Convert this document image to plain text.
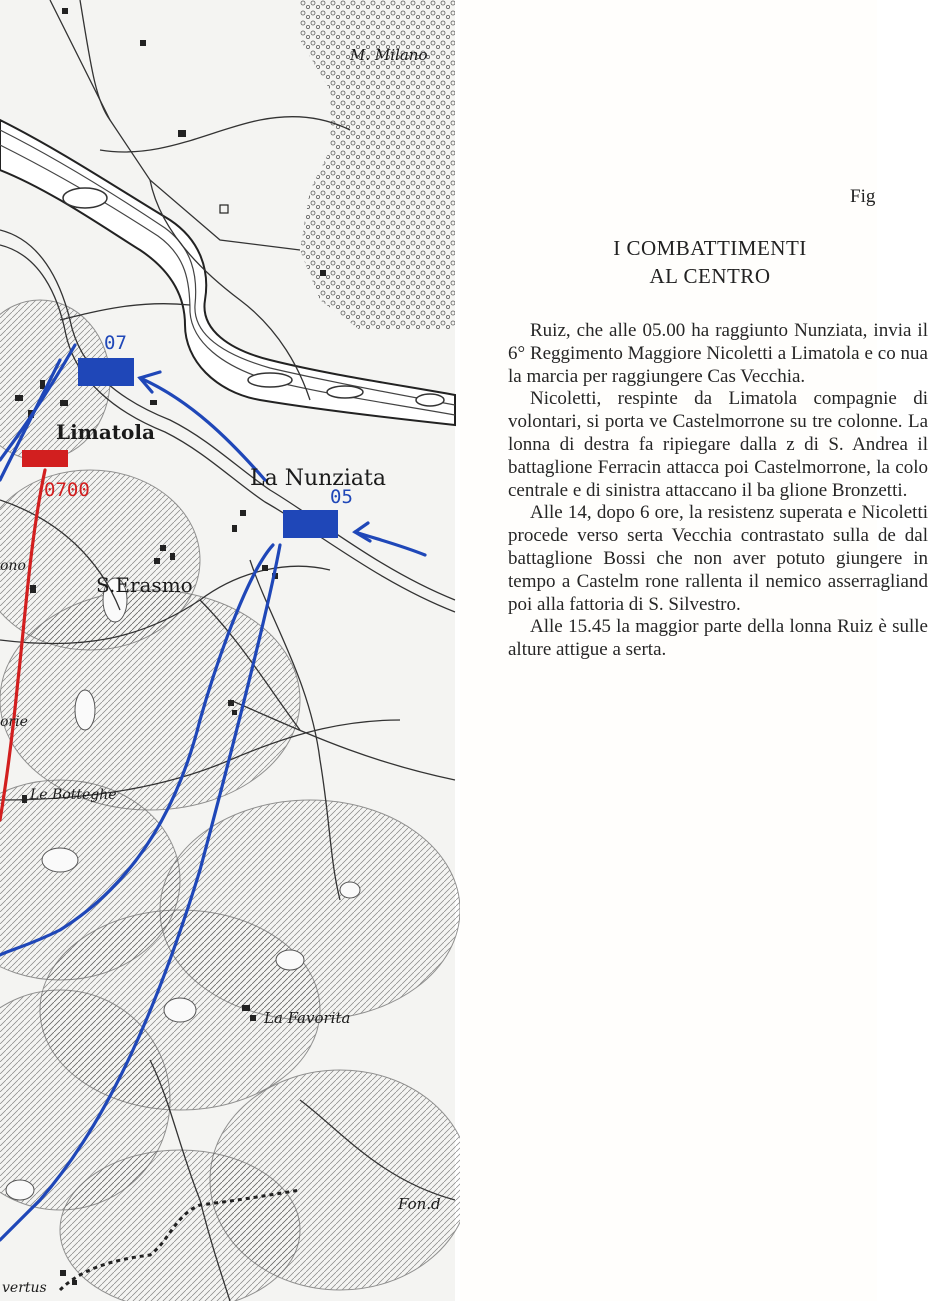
M. Milano
Limatola
La Nunziata
S.Erasmo
Le Botteghe
La Favorita
Fon.d
ono
orie
vertus
07
05
0700
Fig
I COMBATTIMENTI
AL CENTRO

Ruiz, che alle 05.00 ha raggiunto Nunziata, invia il 6° Reggimento Maggiore Nicoletti a Limatola e co nua la marcia per raggiungere Cas Vecchia.

Nicoletti, respinte da Limatola compagnie di volontari, si porta ve Castelmorrone su tre colonne. La lonna di destra fa ripiegare dalla z di S. Andrea il battaglione Ferracin attacca poi Castelmorrone, la colo centrale e di sinistra attaccano il ba glione Bronzetti.

Alle 14, dopo 6 ore, la resistenz superata e Nicoletti procede verso serta Vecchia contrastato sulla de dal battaglione Bossi che non aver potuto giungere in tempo a Castelm rone rallenta il nemico asserragliand poi alla fattoria di S. Silvestro.

Alle 15.45 la maggior parte della lonna Ruiz è sulle alture attigue a serta.
